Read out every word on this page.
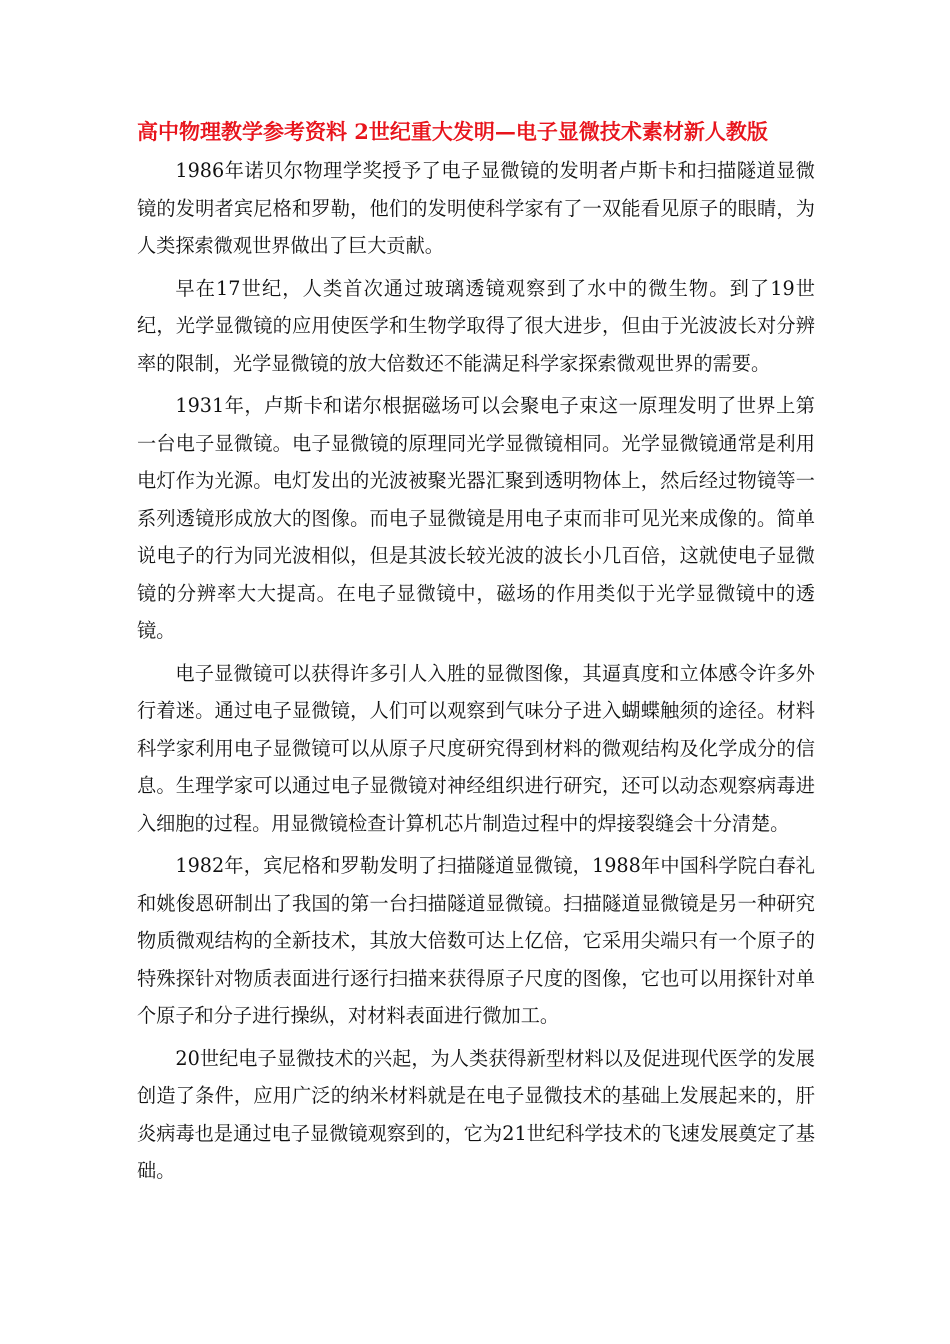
高中物理教学参考资料 2世纪重大发明—电子显微技术素材新人教版

1986年诺贝尔物理学奖授予了电子显微镜的发明者卢斯卡和扫描隧道显微镜的发明者宾尼格和罗勒，他们的发明使科学家有了一双能看见原子的眼睛，为人类探索微观世界做出了巨大贡献。

早在17世纪，人类首次通过玻璃透镜观察到了水中的微生物。到了19世纪，光学显微镜的应用使医学和生物学取得了很大进步，但由于光波波长对分辨率的限制，光学显微镜的放大倍数还不能满足科学家探索微观世界的需要。

1931年，卢斯卡和诺尔根据磁场可以会聚电子束这一原理发明了世界上第一台电子显微镜。电子显微镜的原理同光学显微镜相同。光学显微镜通常是利用电灯作为光源。电灯发出的光波被聚光器汇聚到透明物体上，然后经过物镜等一系列透镜形成放大的图像。而电子显微镜是用电子束而非可见光来成像的。简单说电子的行为同光波相似，但是其波长较光波的波长小几百倍，这就使电子显微镜的分辨率大大提高。在电子显微镜中，磁场的作用类似于光学显微镜中的透镜。

电子显微镜可以获得许多引人入胜的显微图像，其逼真度和立体感令许多外行着迷。通过电子显微镜，人们可以观察到气味分子进入蝴蝶触须的途径。材料科学家利用电子显微镜可以从原子尺度研究得到材料的微观结构及化学成分的信息。生理学家可以通过电子显微镜对神经组织进行研究，还可以动态观察病毒进入细胞的过程。用显微镜检查计算机芯片制造过程中的焊接裂缝会十分清楚。

1982年，宾尼格和罗勒发明了扫描隧道显微镜，1988年中国科学院白春礼和姚俊恩研制出了我国的第一台扫描隧道显微镜。扫描隧道显微镜是另一种研究物质微观结构的全新技术，其放大倍数可达上亿倍，它采用尖端只有一个原子的特殊探针对物质表面进行逐行扫描来获得原子尺度的图像，它也可以用探针对单个原子和分子进行操纵，对材料表面进行微加工。

20世纪电子显微技术的兴起，为人类获得新型材料以及促进现代医学的发展创造了条件，应用广泛的纳米材料就是在电子显微技术的基础上发展起来的，肝炎病毒也是通过电子显微镜观察到的，它为21世纪科学技术的飞速发展奠定了基础。
